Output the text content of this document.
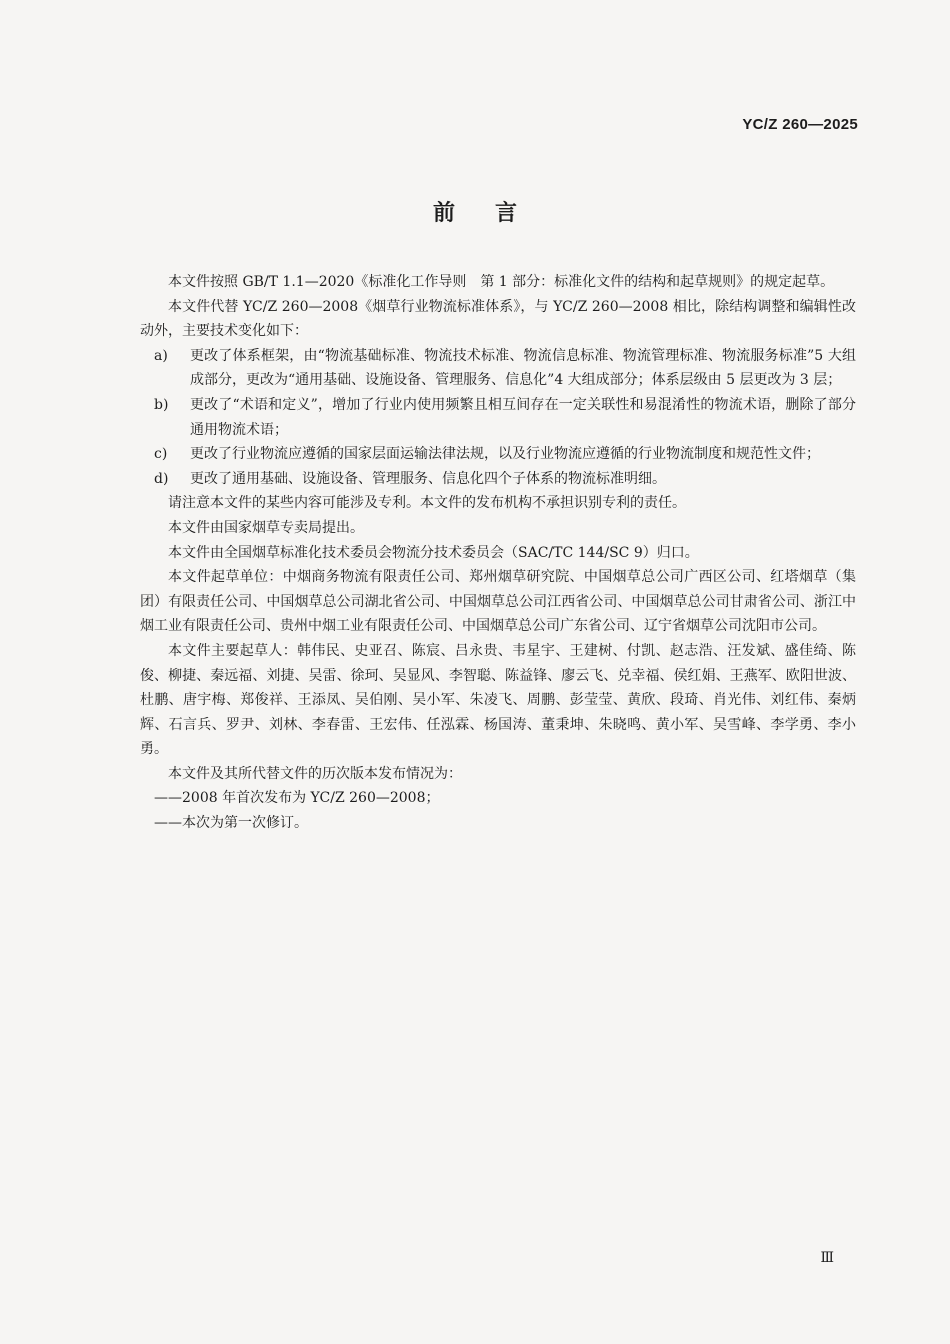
YC/Z 260—2025
前言

本文件按照 GB/T 1.1—2020《标准化工作导则　第 1 部分：标准化文件的结构和起草规则》的规定起草。

本文件代替 YC/Z 260—2008《烟草行业物流标准体系》，与 YC/Z 260—2008 相比，除结构调整和编辑性改动外，主要技术变化如下：

a)	更改了体系框架，由“物流基础标准、物流技术标准、物流信息标准、物流管理标准、物流服务标准”5 大组成部分，更改为“通用基础、设施设备、管理服务、信息化”4 大组成部分；体系层级由 5 层更改为 3 层；
b)	更改了“术语和定义”，增加了行业内使用频繁且相互间存在一定关联性和易混淆性的物流术语，删除了部分通用物流术语；
c)	更改了行业物流应遵循的国家层面运输法律法规，以及行业物流应遵循的行业物流制度和规范性文件；
d)	更改了通用基础、设施设备、管理服务、信息化四个子体系的物流标准明细。

请注意本文件的某些内容可能涉及专利。本文件的发布机构不承担识别专利的责任。

本文件由国家烟草专卖局提出。

本文件由全国烟草标准化技术委员会物流分技术委员会（SAC/TC 144/SC 9）归口。

本文件起草单位：中烟商务物流有限责任公司、郑州烟草研究院、中国烟草总公司广西区公司、红塔烟草（集团）有限责任公司、中国烟草总公司湖北省公司、中国烟草总公司江西省公司、中国烟草总公司甘肃省公司、浙江中烟工业有限责任公司、贵州中烟工业有限责任公司、中国烟草总公司广东省公司、辽宁省烟草公司沈阳市公司。

本文件主要起草人：韩伟民、史亚召、陈宸、吕永贵、韦星宇、王建树、付凯、赵志浩、汪发斌、盛佳绮、陈俊、柳捷、秦远福、刘捷、吴雷、徐珂、吴显风、李智聪、陈益锋、廖云飞、兑幸福、侯红娟、王燕军、欧阳世波、杜鹏、唐宇梅、郑俊祥、王添凤、吴伯刚、吴小军、朱凌飞、周鹏、彭莹莹、黄欣、段琦、肖光伟、刘红伟、秦炳辉、石言兵、罗尹、刘林、李春雷、王宏伟、任泓霖、杨国涛、董秉坤、朱晓鸣、黄小军、吴雪峰、李学勇、李小勇。

本文件及其所代替文件的历次版本发布情况为：

——2008 年首次发布为 YC/Z 260—2008；

——本次为第一次修订。

Ⅲ
